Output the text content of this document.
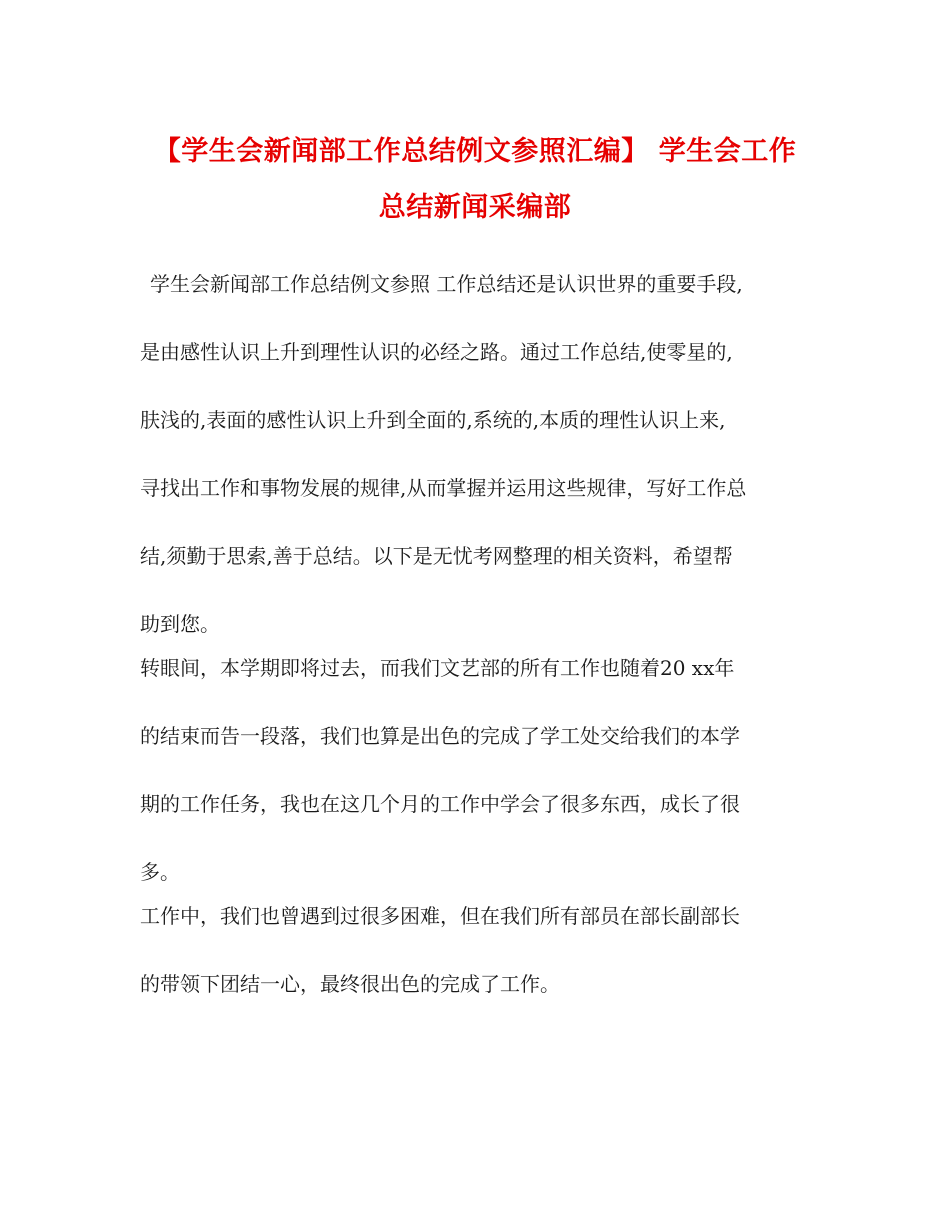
【学生会新闻部工作总结例文参照汇编】 学生会工作
总结新闻采编部
学生会新闻部工作总结例文参照 工作总结还是认识世界的重要手段,
是由感性认识上升到理性认识的必经之路。通过工作总结,使零星的,
肤浅的,表面的感性认识上升到全面的,系统的,本质的理性认识上来,
寻找出工作和事物发展的规律,从而掌握并运用这些规律，写好工作总
结,须勤于思索,善于总结。以下是无忧考网整理的相关资料，希望帮
助到您。
转眼间，本学期即将过去，而我们文艺部的所有工作也随着20 xx年
的结束而告一段落，我们也算是出色的完成了学工处交给我们的本学
期的工作任务，我也在这几个月的工作中学会了很多东西，成长了很
多。
工作中，我们也曾遇到过很多困难，但在我们所有部员在部长副部长
的带领下团结一心，最终很出色的完成了工作。
